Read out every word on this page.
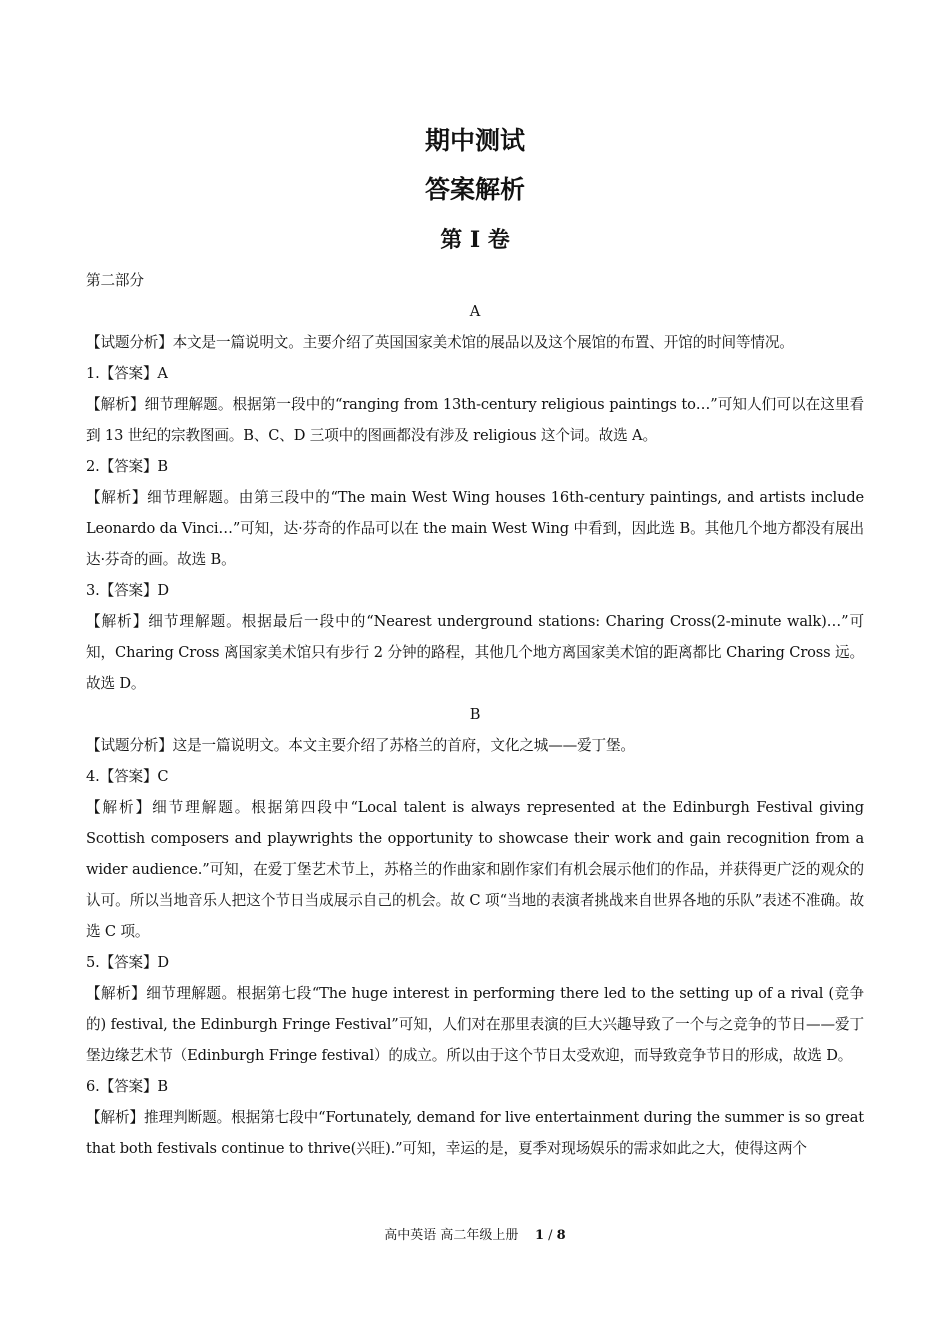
期中测试
答案解析
第 I 卷

第二部分

A

【试题分析】本文是一篇说明文。主要介绍了英国国家美术馆的展品以及这个展馆的布置、开馆的时间等情况。

1.【答案】A

【解析】细节理解题。根据第一段中的“ranging from 13th-century religious paintings to…”可知人们可以在这里看到 13 世纪的宗教图画。B、C、D 三项中的图画都没有涉及 religious 这个词。故选 A。

2.【答案】B

【解析】细节理解题。由第三段中的“The main West Wing houses 16th-century paintings, and artists include Leonardo da Vinci…”可知，达·芬奇的作品可以在 the main West Wing 中看到，因此选 B。其他几个地方都没有展出达·芬奇的画。故选 B。

3.【答案】D

【解析】细节理解题。根据最后一段中的“Nearest underground stations: Charing Cross(2-minute walk)…”可知，Charing Cross 离国家美术馆只有步行 2 分钟的路程，其他几个地方离国家美术馆的距离都比 Charing Cross 远。故选 D。

B

【试题分析】这是一篇说明文。本文主要介绍了苏格兰的首府，文化之城——爱丁堡。

4.【答案】C

【解析】细节理解题。根据第四段中“Local talent is always represented at the Edinburgh Festival giving Scottish composers and playwrights the opportunity to showcase their work and gain recognition from a wider audience.”可知，在爱丁堡艺术节上，苏格兰的作曲家和剧作家们有机会展示他们的作品，并获得更广泛的观众的认可。所以当地音乐人把这个节日当成展示自己的机会。故 C 项“当地的表演者挑战来自世界各地的乐队”表述不准确。故选 C 项。

5.【答案】D

【解析】细节理解题。根据第七段“The huge interest in performing there led to the setting up of a rival (竞争的) festival, the Edinburgh Fringe Festival”可知，人们对在那里表演的巨大兴趣导致了一个与之竞争的节日——爱丁堡边缘艺术节（Edinburgh Fringe festival）的成立。所以由于这个节日太受欢迎，而导致竞争节日的形成，故选 D。

6.【答案】B

【解析】推理判断题。根据第七段中“Fortunately, demand for live entertainment during the summer is so great that both festivals continue to thrive(兴旺).”可知，幸运的是，夏季对现场娱乐的需求如此之大，使得这两个

高中英语 高二年级上册 1 / 8
